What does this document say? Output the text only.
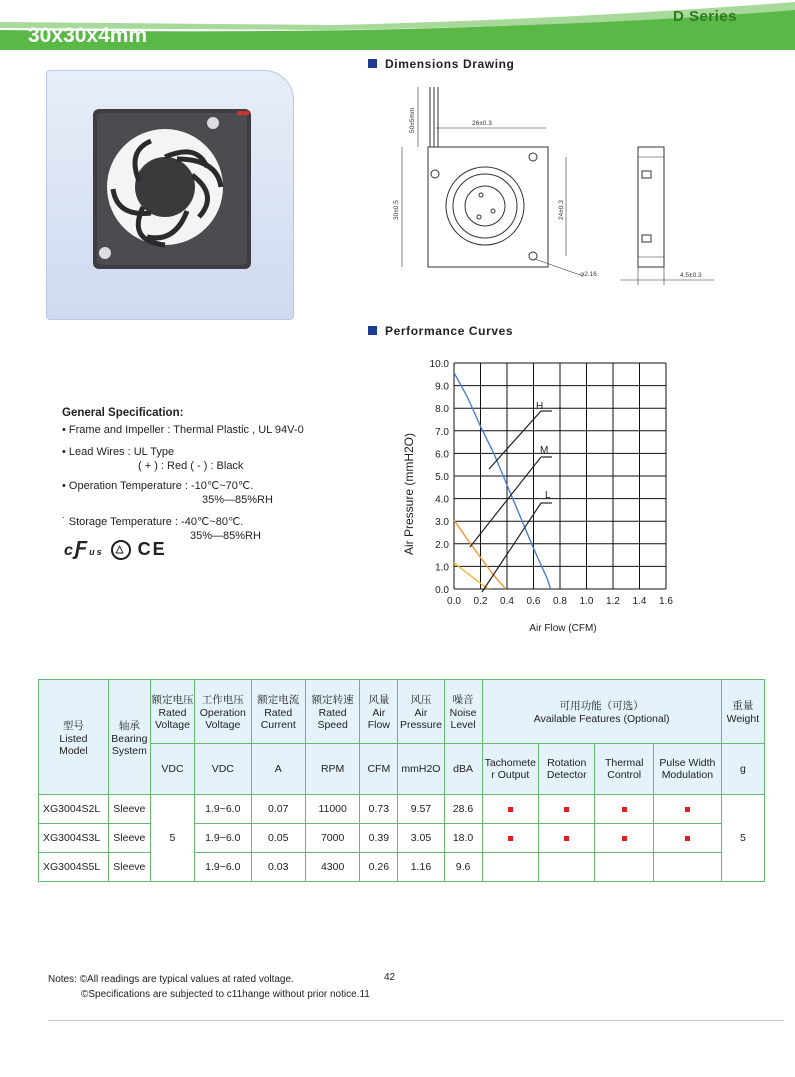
D Series
30x30x4mm
Dimensions Drawing
50±5mm	26±0.3
30±0.5	24±0.3
φ2.16	4.5±0.3
Performance Curves
0.0 0.2 0.4 0.6 0.8 1.0 1.2 1.4 1.6
0.0
1.0
2.0
3.0
4.0
5.0
6.0
7.0
8.0
9.0
10.0
H
M
L
Air Flow (CFM)
Air Pressure (mmH2O)
General Specification:
• Frame and Impeller : Thermal Plastic , UL 94V-0
• Lead Wires : UL Type
( + ) : Red ( - ) : Black
• Operation Temperature : -10℃~70℃.
35%—85%RH
˙ Storage Temperature : -40℃~80℃.
35%—85%RH
ᴄƑus △ CE
型号
Listed
Model	轴承
Bearing
System	额定电压
Rated
Voltage	工作电压
Operation
Voltage	额定电流
Rated
Current	额定转速
Rated
Speed	风量
Air
Flow	风压
Air
Pressure	噪音
Noise
Level	可用功能（可选）
Available Features (Optional)				重量
Weight
		VDC	VDC	A	RPM	CFM	mmH2O	dBA	Tachomete
r Output	Rotation
Detector	Thermal
Control	Pulse Width
Modulation	g
XG3004S2L	Sleeve	5	1.9~6.0	0.07	11000	0.73	9.57	28.6					5
XG3004S3L	Sleeve		1.9~6.0	0.05	7000	0.39	3.05	18.0					
XG3004S5L	Sleeve		1.9~6.0	0.03	4300	0.26	1.16	9.6					
Notes: ©All readings are typical values at rated voltage.
©Specifications are subjected to c11hange without prior notice.11
42
